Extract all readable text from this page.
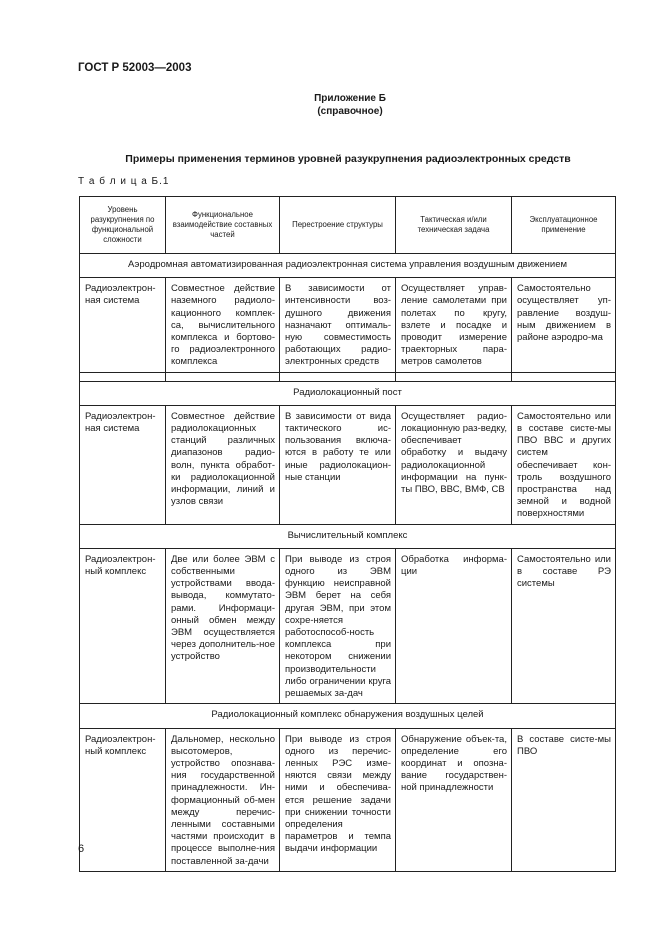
ГОСТ Р 52003—2003
Приложение Б
(справочное)
Примеры применения терминов уровней разукрупнения радиоэлектронных средств
Т а б л и ц а Б.1
Уровень разукрупнения по функциональной сложности	Функциональное взаимодействие составных частей	Перестроение структуры	Тактическая и/или техническая задача	Эксплуатационное применение
Аэродромная автоматизированная радиоэлектронная система управления воздушным движением				
Радиоэлектрон-ная система	Совместное действие наземного радиоло-кационного комплек-са, вычислительного комплекса и бортово-го радиоэлектронного комплекса	В зависимости от интенсивности воз-душного движения назначают оптималь-ную совместимость работающих радио-электронных средств	Осуществляет управ-ление самолетами при полетах по кругу, взлете и посадке и проводит измерение траекторных пара-метров самолетов	Самостоятельно осуществляет уп-равление воздуш-ным движением в районе аэродро-ма

Радиолокационный пост				
Радиоэлектрон-ная система	Совместное действие радиолокационных станций различных диапазонов радио-волн, пункта обработ-ки радиолокационной информации, линий и узлов связи	В зависимости от вида тактического ис-пользования включа-ются в работу те или иные радиолокацион-ные станции	Осуществляет радио-локационную раз-ведку, обеспечивает обработку и выдачу радиолокационной информации на пунк-ты ПВО, ВВС, ВМФ, СВ	Самостоятельно или в составе систе-мы ПВО ВВС и других систем обеспечивает кон-троль воздушного пространства над земной и водной поверхностями
Вычислительный комплекс				
Радиоэлектрон-ный комплекс	Две или более ЭВМ с собственными устройствами ввода-вывода, коммутато-рами. Информаци-онный обмен между ЭВМ осуществляется через дополнитель-ное устройство	При выводе из строя одного из ЭВМ функцию неисправной ЭВМ берет на себя другая ЭВМ, при этом сохре-няется работоспособ-ность комплекса при некотором снижении производительности либо ограничении круга решаемых за-дач	Обработка информа-ции	Самостоятельно или в составе РЭ системы
Радиолокационный комплекс обнаружения воздушных целей				
Радиоэлектрон-ный комплекс	Дальномер, нескольно высотомеров, устройство опознава-ния государственной принадлежности. Ин-формационный об-мен между перечис-ленными составными частями происходит в процессе выполне-ния поставленной за-дачи	При выводе из строя одного из перечис-ленных РЭС изме-няются связи между ними и обеспечива-ется решение задачи при снижении точности определения параметров и темпа выдачи информации	Обнаружение объек-та, определение его координат и опозна-вание государствен-ной принадлежности	В составе систе-мы ПВО
6
